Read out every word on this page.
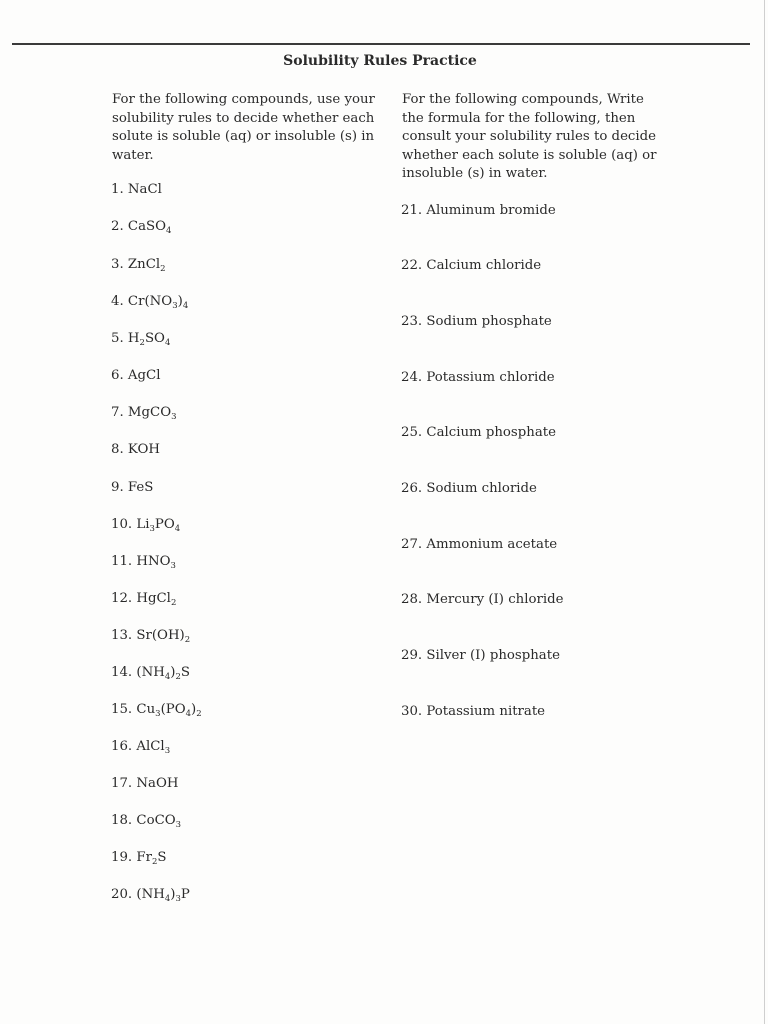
Solubility Rules Practice

For the following compounds, use your solubility rules to decide whether each solute is soluble (aq) or insoluble (s) in water.

For the following compounds, Write the formula for the following, then consult your solubility rules to decide whether each solute is soluble (aq) or insoluble (s) in water.

1. NaCl
2. CaSO$_4$
3. ZnCl$_2$
4. $Cr(NO_3)_4$
5. $H_2SO_4$
6. AgCl
7. MgCO$_3$
8. KOH
9. FeS
10. $Li_3PO_4$
11. $HNO_3$
12. HgCl$_2$
13. $Sr(OH)_2$
14. $(NH_4)_2S$
15. $Cu_3(PO_4)_2$
16. AlCl$_3$
17. NaOH
18. CoCO$_3$
19. $Fr_2S$
20. $(NH_4)_3P$
21. Aluminum bromide
22. Calcium chloride
23. Sodium phosphate
24. Potassium chloride
25. Calcium phosphate
26. Sodium chloride
27. Ammonium acetate
28. Mercury (I) chloride
29. Silver (I) phosphate
30. Potassium nitrate
